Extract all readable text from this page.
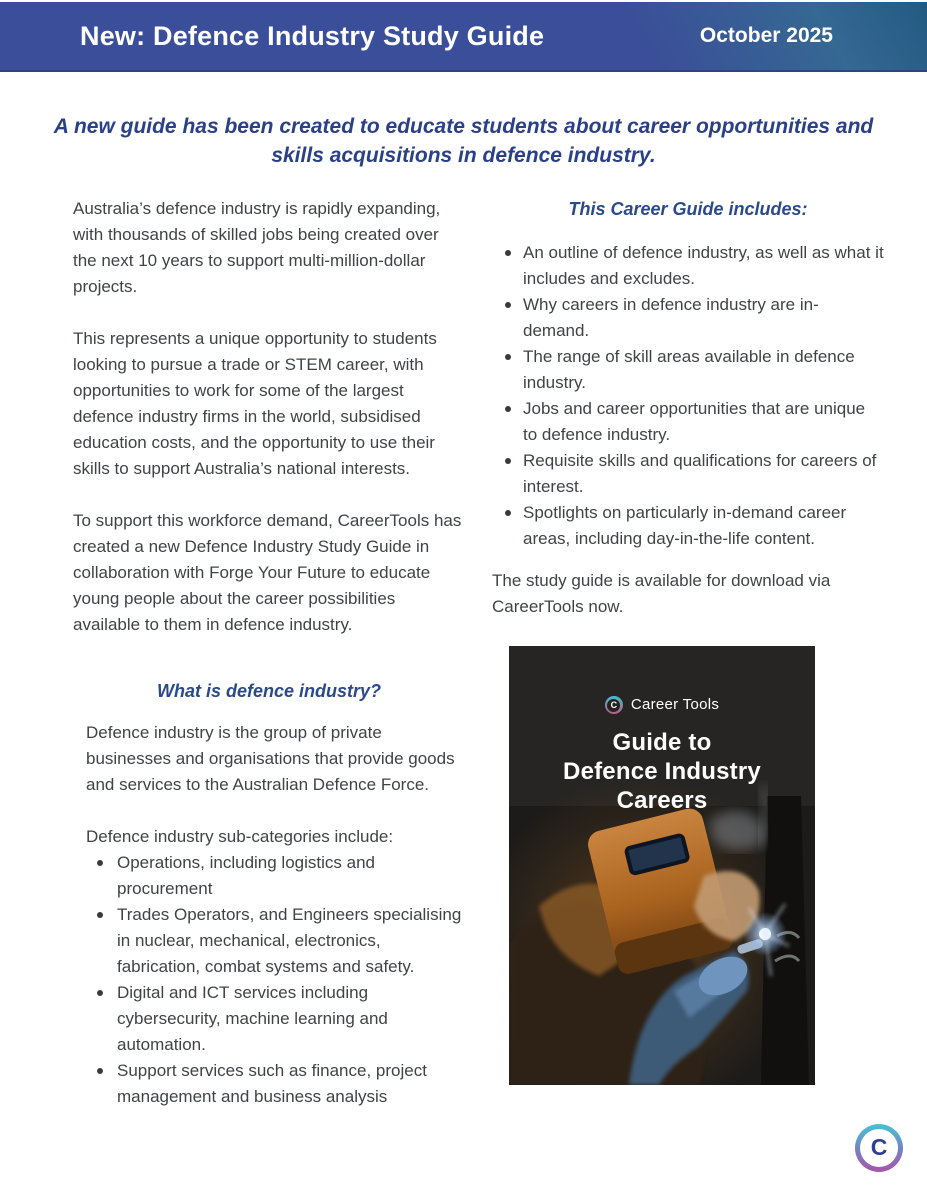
New: Defence Industry Study Guide	October 2025
A new guide has been created to educate students about career opportunities and skills acquisitions in defence industry.

Australia’s defence industry is rapidly expanding, with thousands of skilled jobs being created over the next 10 years to support multi-million-dollar projects.

This represents a unique opportunity to students looking to pursue a trade or STEM career, with opportunities to work for some of the largest defence industry firms in the world, subsidised education costs, and the opportunity to use their skills to support Australia’s national interests.

To support this workforce demand, CareerTools has created a new Defence Industry Study Guide in collaboration with Forge Your Future to educate young people about the career possibilities available to them in defence industry.

What is defence industry?

Defence industry is the group of private businesses and organisations that provide goods and services to the Australian Defence Force.

Defence industry sub-categories include:

Operations, including logistics and procurement
Trades Operators, and Engineers specialising in nuclear, mechanical, electronics, fabrication, combat systems and safety.
Digital and ICT services including cybersecurity, machine learning and automation.
Support services such as finance, project management and business analysis
This Career Guide includes:
An outline of defence industry, as well as what it includes and excludes.
Why careers in defence industry are in-demand.
The range of skill areas available in defence industry.
Jobs and career opportunities that are unique to defence industry.
Requisite skills and qualifications for careers of interest.
Spotlights on particularly in-demand career areas, including day-in-the-life content.

The study guide is available for download via CareerTools now.

C Career Tools
Guide to
Defence Industry
Careers
C
